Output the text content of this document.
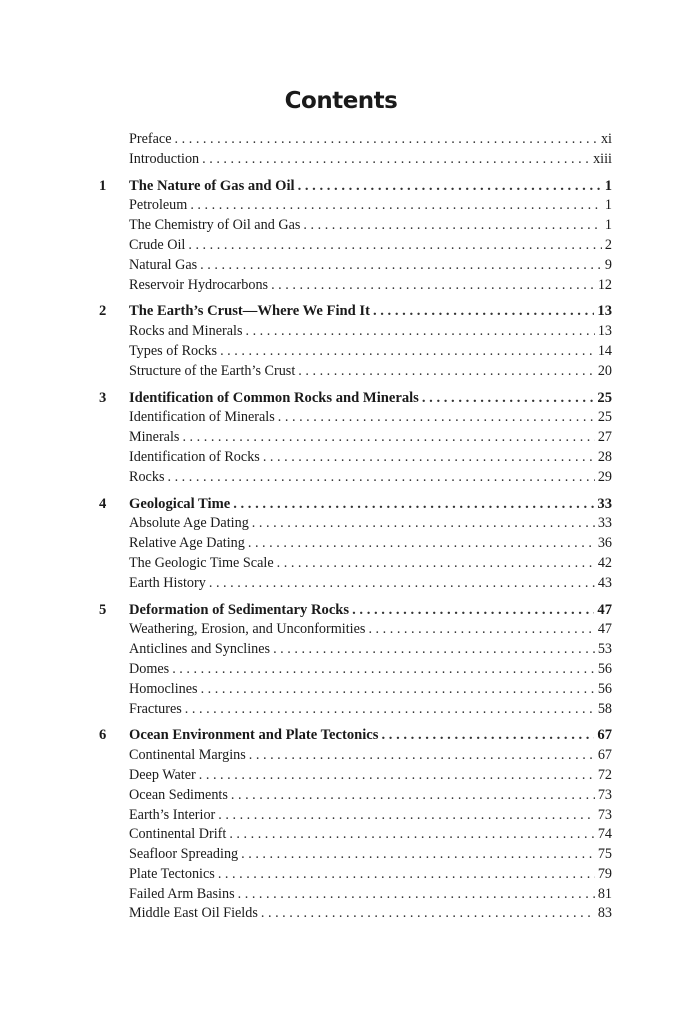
Contents
Preface . . .	xi
Introduction . . .	xiii
1 The Nature of Gas and Oil . . .	1
Petroleum . . .	1
The Chemistry of Oil and Gas . . .	1
Crude Oil . . .	2
Natural Gas . . .	9
Reservoir Hydrocarbons . . .	12
2 The Earth’s Crust—Where We Find It . . .	13
Rocks and Minerals . . .	13
Types of Rocks . . .	14
Structure of the Earth’s Crust . . .	20
3 Identification of Common Rocks and Minerals . . .	25
Identification of Minerals . . .	25
Minerals . . .	27
Identification of Rocks . . .	28
Rocks . . .	29
4 Geological Time . . .	33
Absolute Age Dating . . .	33
Relative Age Dating . . .	36
The Geologic Time Scale . . .	42
Earth History . . .	43
5 Deformation of Sedimentary Rocks . . .	47
Weathering, Erosion, and Unconformities . . .	47
Anticlines and Synclines . . .	53
Domes . . .	56
Homoclines . . .	56
Fractures . . .	58
6 Ocean Environment and Plate Tectonics . . .	67
Continental Margins . . .	67
Deep Water . . .	72
Ocean Sediments . . .	73
Earth’s Interior . . .	73
Continental Drift . . .	74
Seafloor Spreading . . .	75
Plate Tectonics . . .	79
Failed Arm Basins . . .	81
Middle East Oil Fields . . .	83
